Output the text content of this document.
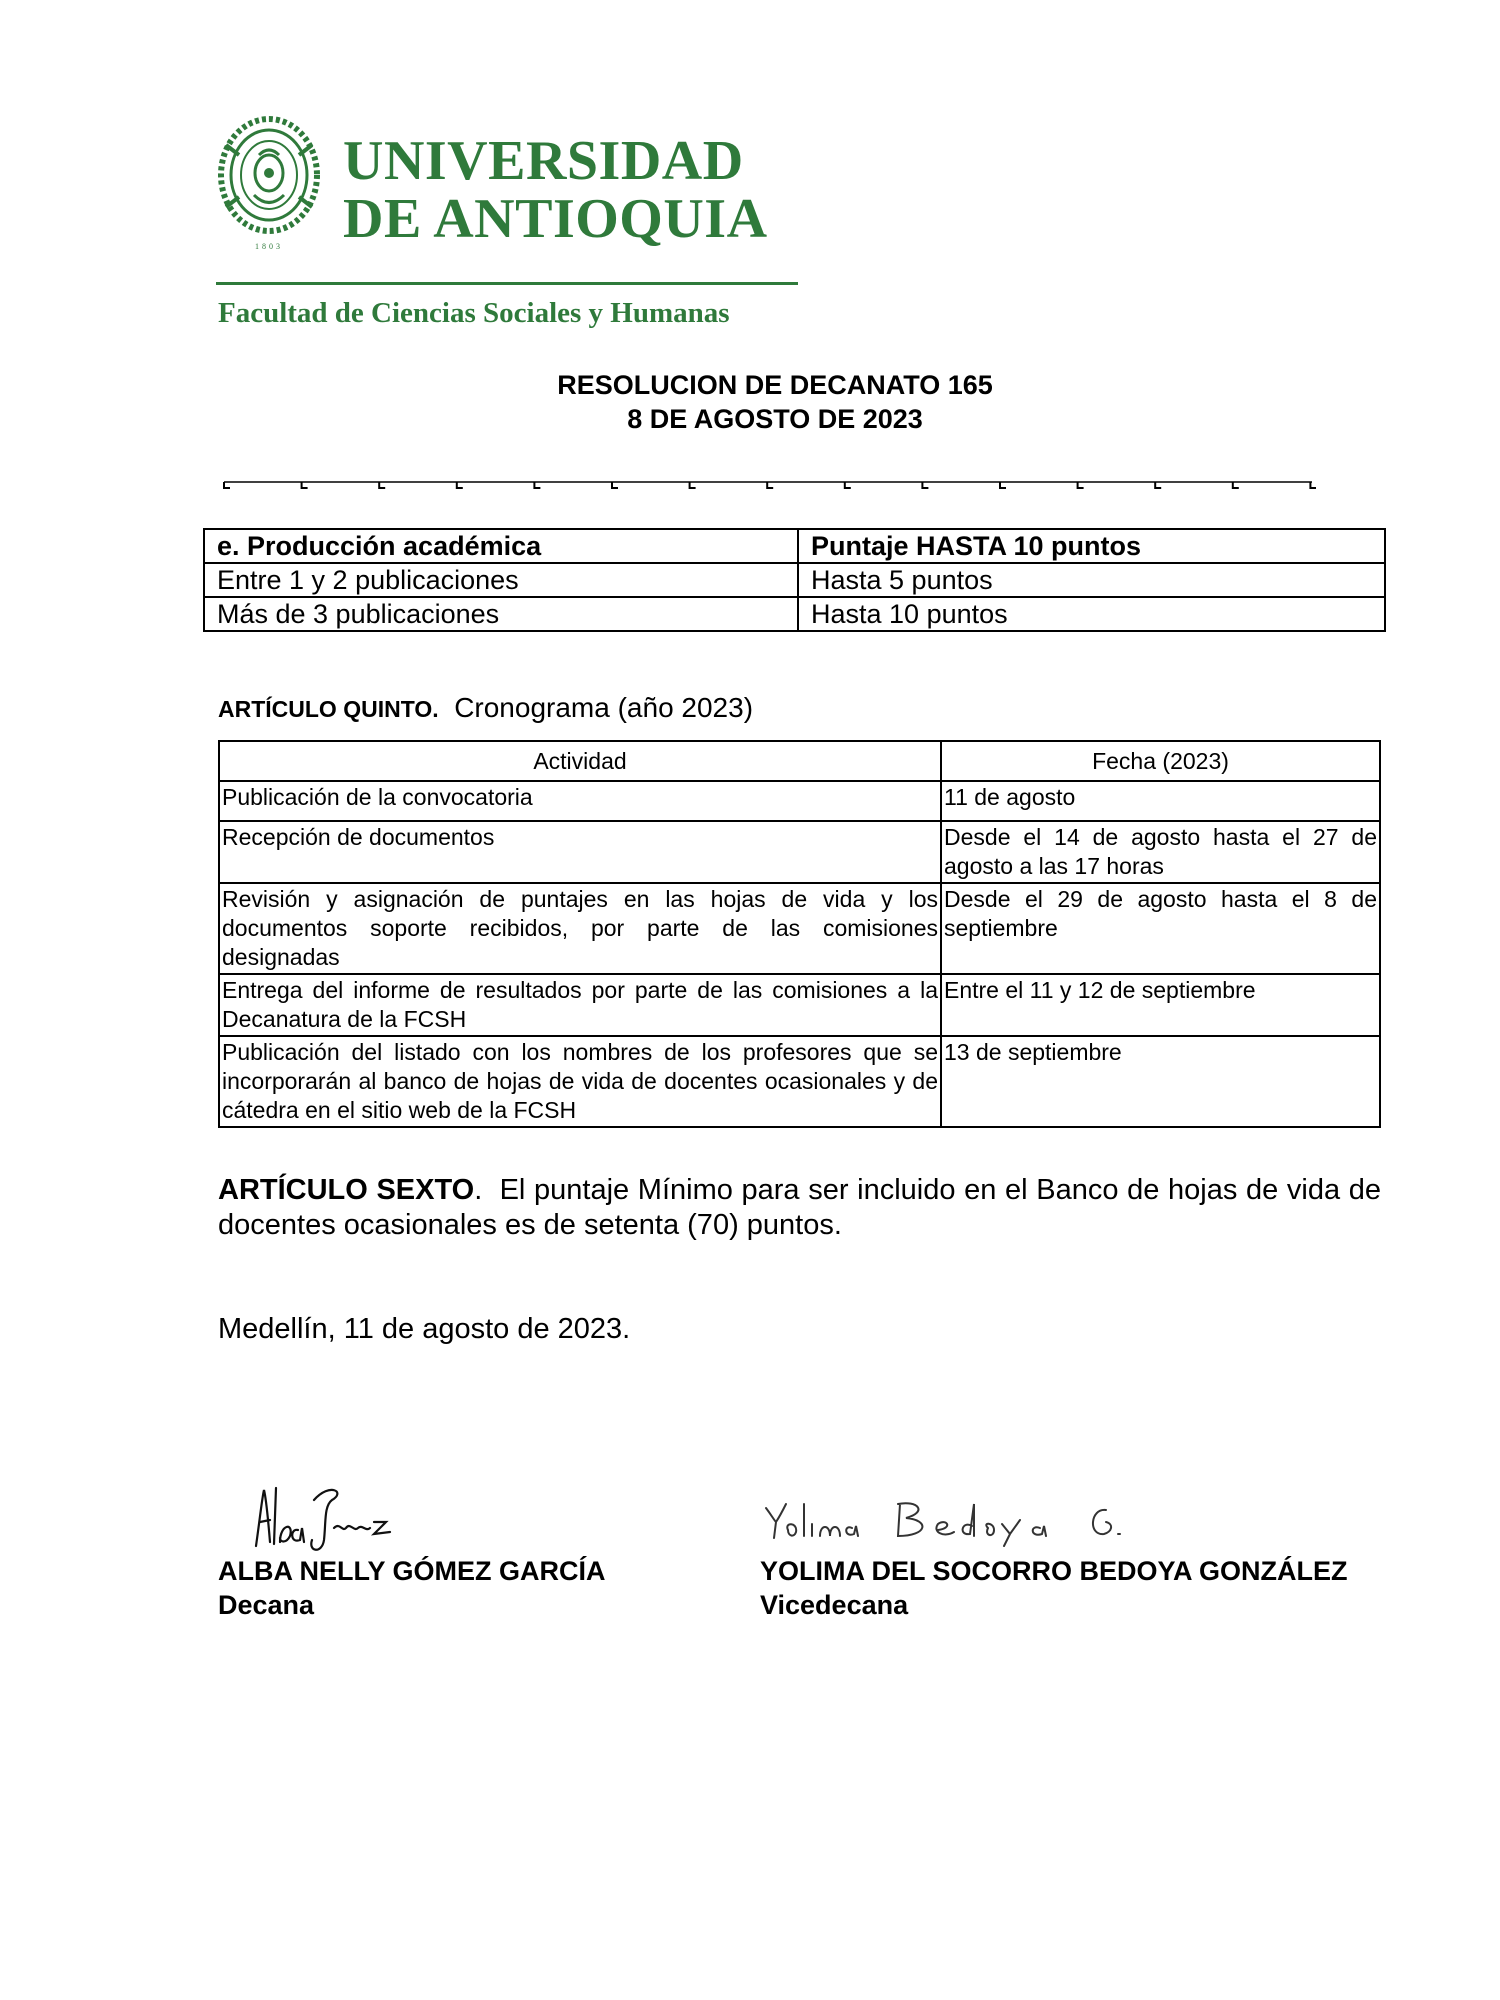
1803
UNIVERSIDAD
DE ANTIOQUIA
Facultad de Ciencias Sociales y Humanas
RESOLUCION DE DECANATO 165
8 DE AGOSTO DE 2023
e. Producción académica	Puntaje HASTA 10 puntos
Entre 1 y 2 publicaciones	Hasta 5 puntos
Más de 3 publicaciones	Hasta 10 puntos
ARTÍCULO QUINTO. Cronograma (año 2023)
Actividad	Fecha (2023)
Publicación de la convocatoria	11 de agosto
Recepción de documentos	Desde el 14 de agosto hasta el 27 de agosto a las 17 horas
Revisión y asignación de puntajes en las hojas de vida y los documentos soporte recibidos, por parte de las comisiones designadas	Desde el 29 de agosto hasta el 8 de septiembre
Entrega del informe de resultados por parte de las comisiones a la Decanatura de la FCSH	Entre el 11 y 12 de septiembre
Publicación del listado con los nombres de los profesores que se incorporarán al banco de hojas de vida de docentes ocasionales y de cátedra en el sitio web de la FCSH	13 de septiembre
ARTÍCULO SEXTO. El puntaje Mínimo para ser incluido en el Banco de hojas de vida de docentes ocasionales es de setenta (70) puntos.
Medellín, 11 de agosto de 2023.
ALBA NELLY GÓMEZ GARCÍA
Decana
YOLIMA DEL SOCORRO BEDOYA GONZÁLEZ
Vicedecana
